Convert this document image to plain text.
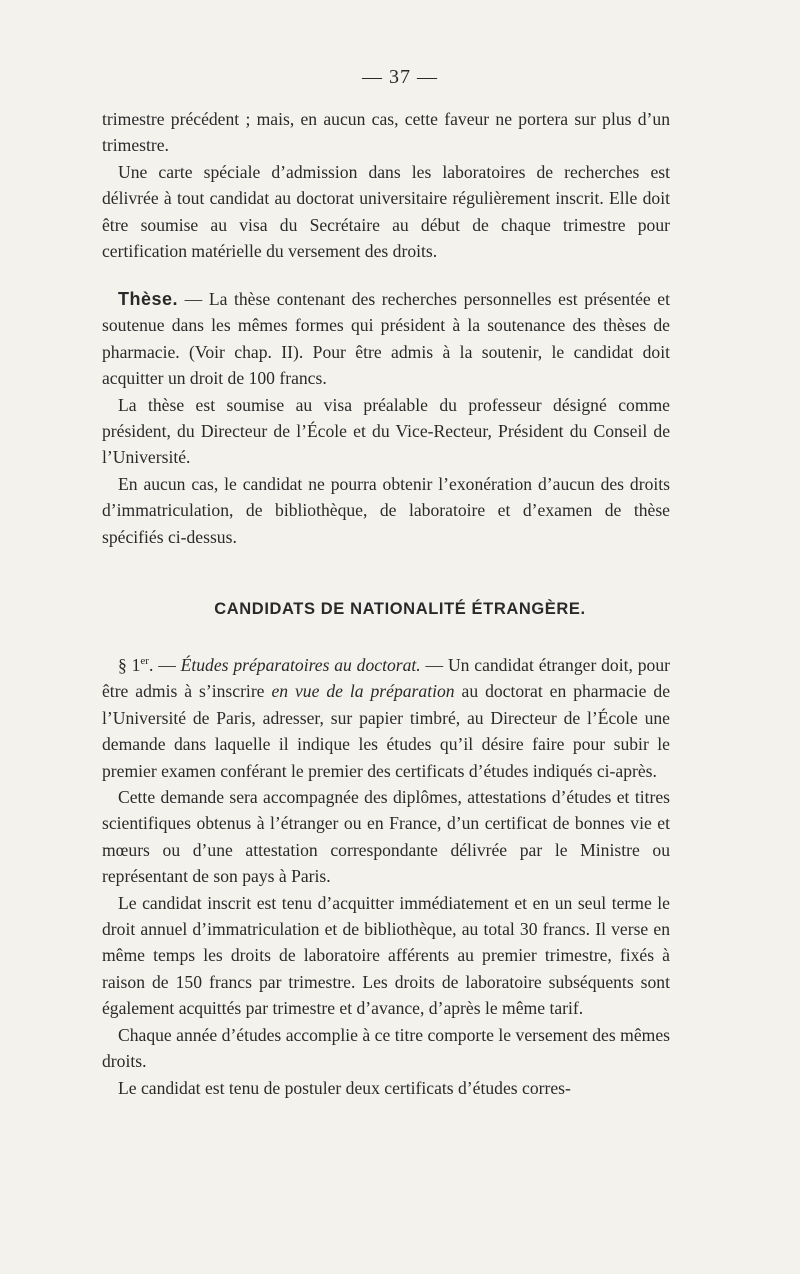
— 37 —

trimestre précédent ; mais, en aucun cas, cette faveur ne portera sur plus d’un trimestre.

Une carte spéciale d’admission dans les laboratoires de recherches est délivrée à tout candidat au doctorat universitaire régulièrement inscrit. Elle doit être soumise au visa du Secrétaire au début de chaque trimestre pour certification matérielle du versement des droits.

Thèse. — La thèse contenant des recherches personnelles est présentée et soutenue dans les mêmes formes qui président à la soutenance des thèses de pharmacie. (Voir chap. II). Pour être admis à la soutenir, le candidat doit acquitter un droit de 100 francs.

La thèse est soumise au visa préalable du professeur désigné comme président, du Directeur de l’École et du Vice-Recteur, Président du Conseil de l’Université.

En aucun cas, le candidat ne pourra obtenir l’exonération d’aucun des droits d’immatriculation, de bibliothèque, de laboratoire et d’examen de thèse spécifiés ci-dessus.

CANDIDATS DE NATIONALITÉ ÉTRANGÈRE.

§ 1er. — Études préparatoires au doctorat. — Un candidat étranger doit, pour être admis à s’inscrire en vue de la préparation au doctorat en pharmacie de l’Université de Paris, adresser, sur papier timbré, au Directeur de l’École une demande dans laquelle il indique les études qu’il désire faire pour subir le premier examen conférant le premier des certificats d’études indiqués ci-après.

Cette demande sera accompagnée des diplômes, attestations d’études et titres scientifiques obtenus à l’étranger ou en France, d’un certificat de bonnes vie et mœurs ou d’une attestation correspondante délivrée par le Ministre ou représentant de son pays à Paris.

Le candidat inscrit est tenu d’acquitter immédiatement et en un seul terme le droit annuel d’immatriculation et de bibliothèque, au total 30 francs. Il verse en même temps les droits de laboratoire afférents au premier trimestre, fixés à raison de 150 francs par trimestre. Les droits de laboratoire subséquents sont également acquittés par trimestre et d’avance, d’après le même tarif.

Chaque année d’études accomplie à ce titre comporte le versement des mêmes droits.

Le candidat est tenu de postuler deux certificats d’études corres-
